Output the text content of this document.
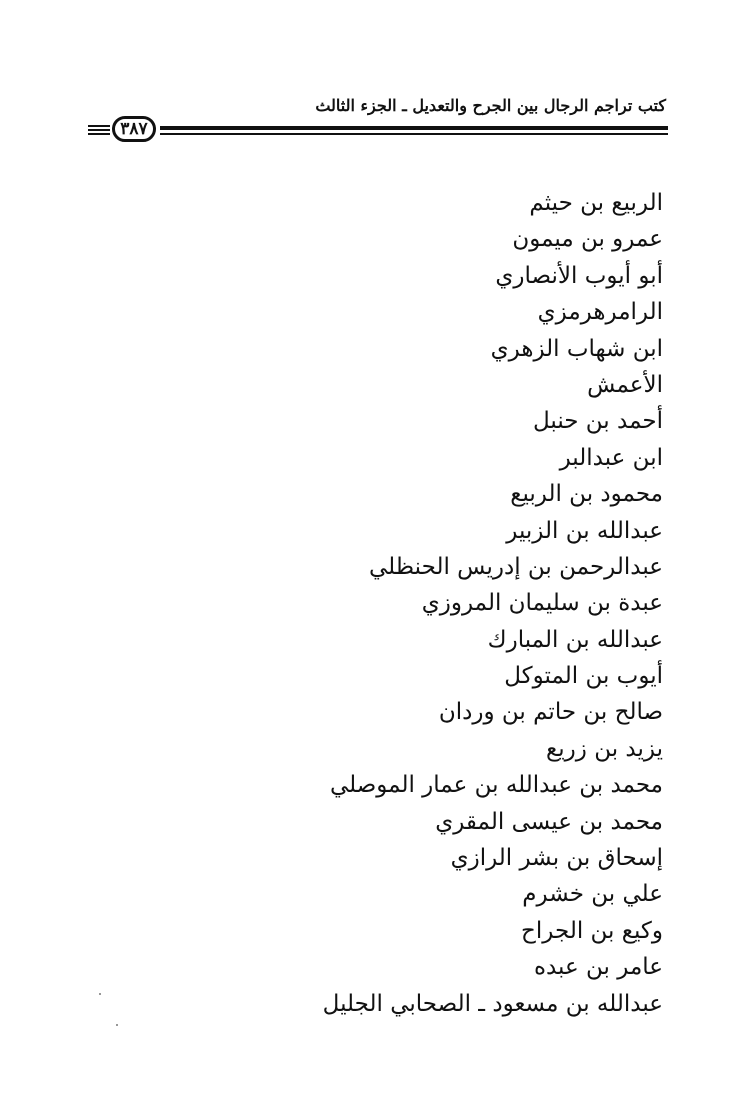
كتب تراجم الرجال بين الجرح والتعديل ـ الجزء الثالث
٣٨٧
الربيع بن حيثم
عمرو بن ميمون
أبو أيوب الأنصاري
الرامرهرمزي
ابن شهاب الزهري
الأعمش
أحمد بن حنبل
ابن عبدالبر
محمود بن الربيع
عبدالله بن الزبير
عبدالرحمن بن إدريس الحنظلي
عبدة بن سليمان المروزي
عبدالله بن المبارك
أيوب بن المتوكل
صالح بن حاتم بن وردان
يزيد بن زريع
محمد بن عبدالله بن عمار الموصلي
محمد بن عيسى المقري
إسحاق بن بشر الرازي
علي بن خشرم
وكيع بن الجراح
عامر بن عبده
عبدالله بن مسعود ـ الصحابي الجليل
